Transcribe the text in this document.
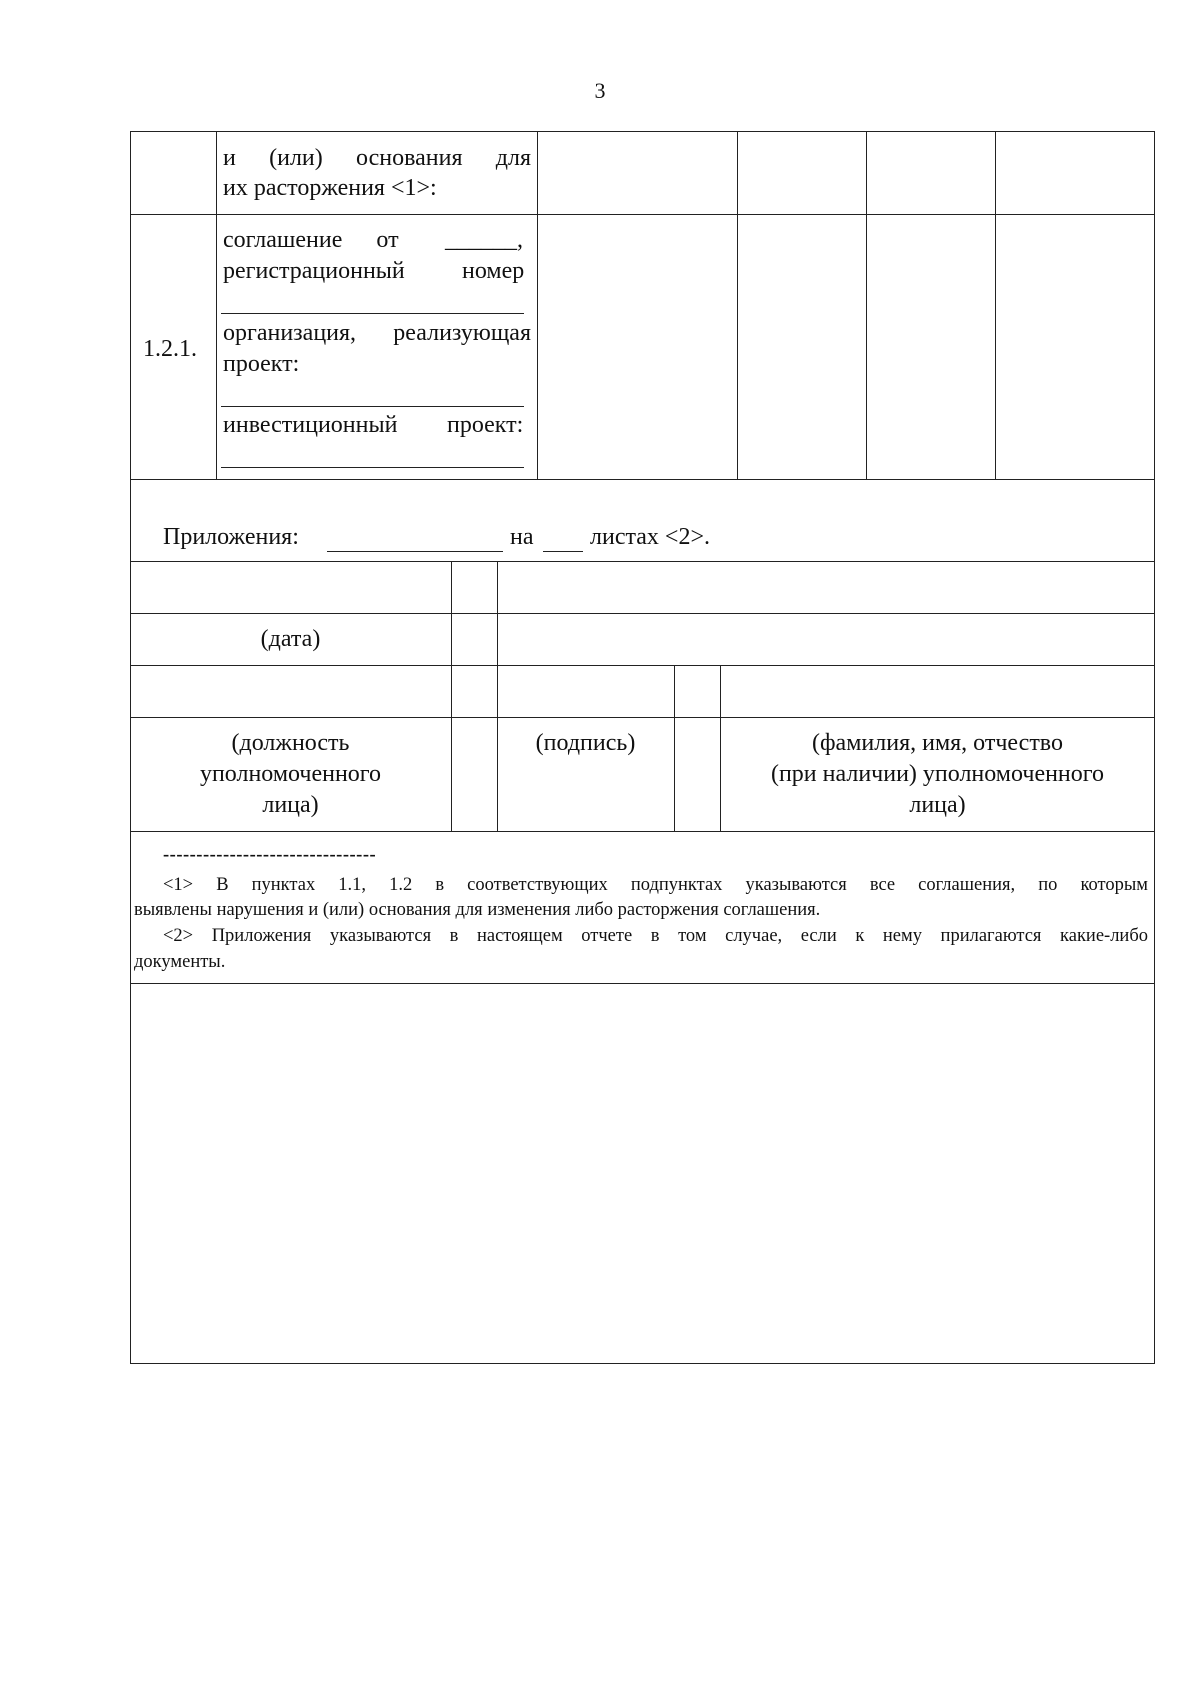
3
и (или) основания для
их расторжения <1>:
1.2.1.
соглашение от ______,
регистрационный номер
организация, реализующая
проект:
инвестиционный проект:
Приложения:	на листах <2>.
(дата)
(должность
уполномоченного
лица)
(подпись)	(фамилия, имя, отчество
(при наличии) уполномоченного
лица)
--------------------------------
<1> В пунктах 1.1, 1.2 в соответствующих подпунктах указываются все соглашения, по которым
выявлены нарушения и (или) основания для изменения либо расторжения соглашения.
<2> Приложения указываются в настоящем отчете в том случае, если к нему прилагаются какие-либо
документы.
